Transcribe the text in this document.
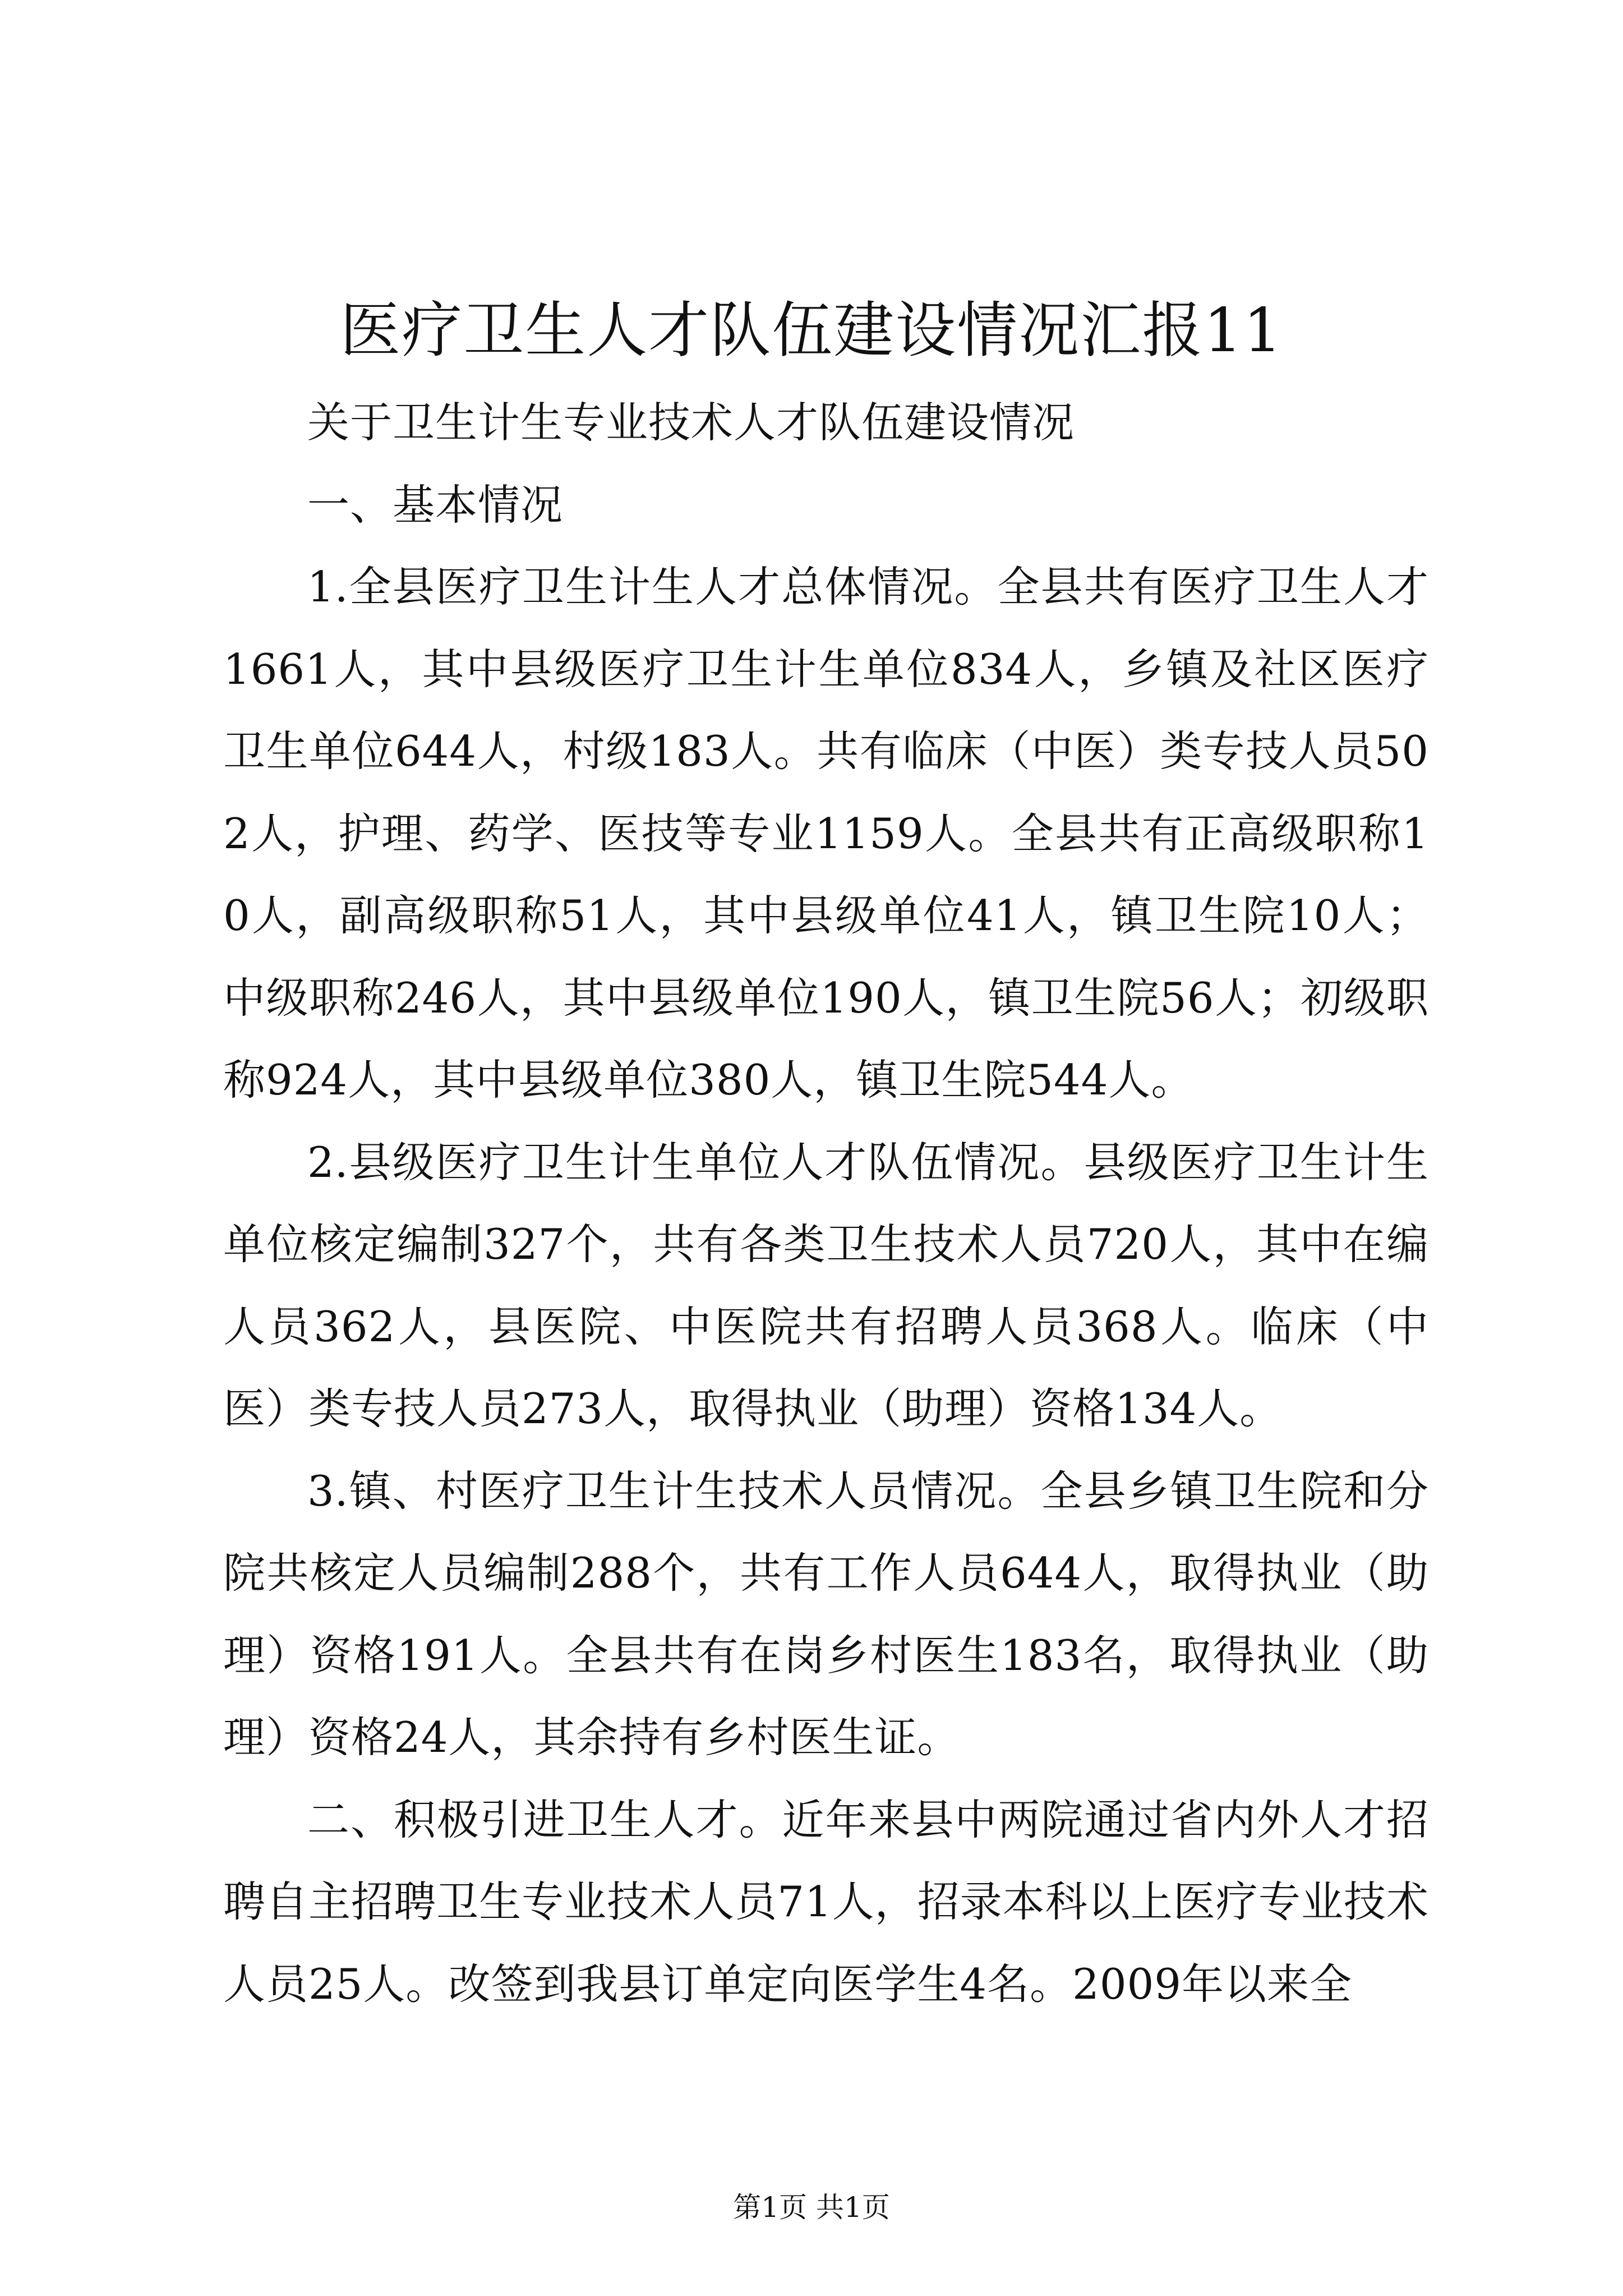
医疗卫生人才队伍建设情况汇报11

关于卫生计生专业技术人才队伍建设情况

一、基本情况

1.全县医疗卫生计生人才总体情况。全县共有医疗卫生人才1661人，其中县级医疗卫生计生单位834人，乡镇及社区医疗卫生单位644人，村级183人。共有临床（中医）类专技人员502人，护理、药学、医技等专业1159人。全县共有正高级职称10人，副高级职称51人，其中县级单位41人，镇卫生院10人；中级职称246人，其中县级单位190人，镇卫生院56人；初级职称924人，其中县级单位380人，镇卫生院544人。

2.县级医疗卫生计生单位人才队伍情况。县级医疗卫生计生单位核定编制327个，共有各类卫生技术人员720人，其中在编人员362人，县医院、中医院共有招聘人员368人。临床（中医）类专技人员273人，取得执业（助理）资格134人。

3.镇、村医疗卫生计生技术人员情况。全县乡镇卫生院和分院共核定人员编制288个，共有工作人员644人，取得执业（助理）资格191人。全县共有在岗乡村医生183名，取得执业（助理）资格24人，其余持有乡村医生证。

二、积极引进卫生人才。近年来县中两院通过省内外人才招聘自主招聘卫生专业技术人员71人，招录本科以上医疗专业技术人员25人。改签到我县订单定向医学生4名。2009年以来全

第1页 共1页
